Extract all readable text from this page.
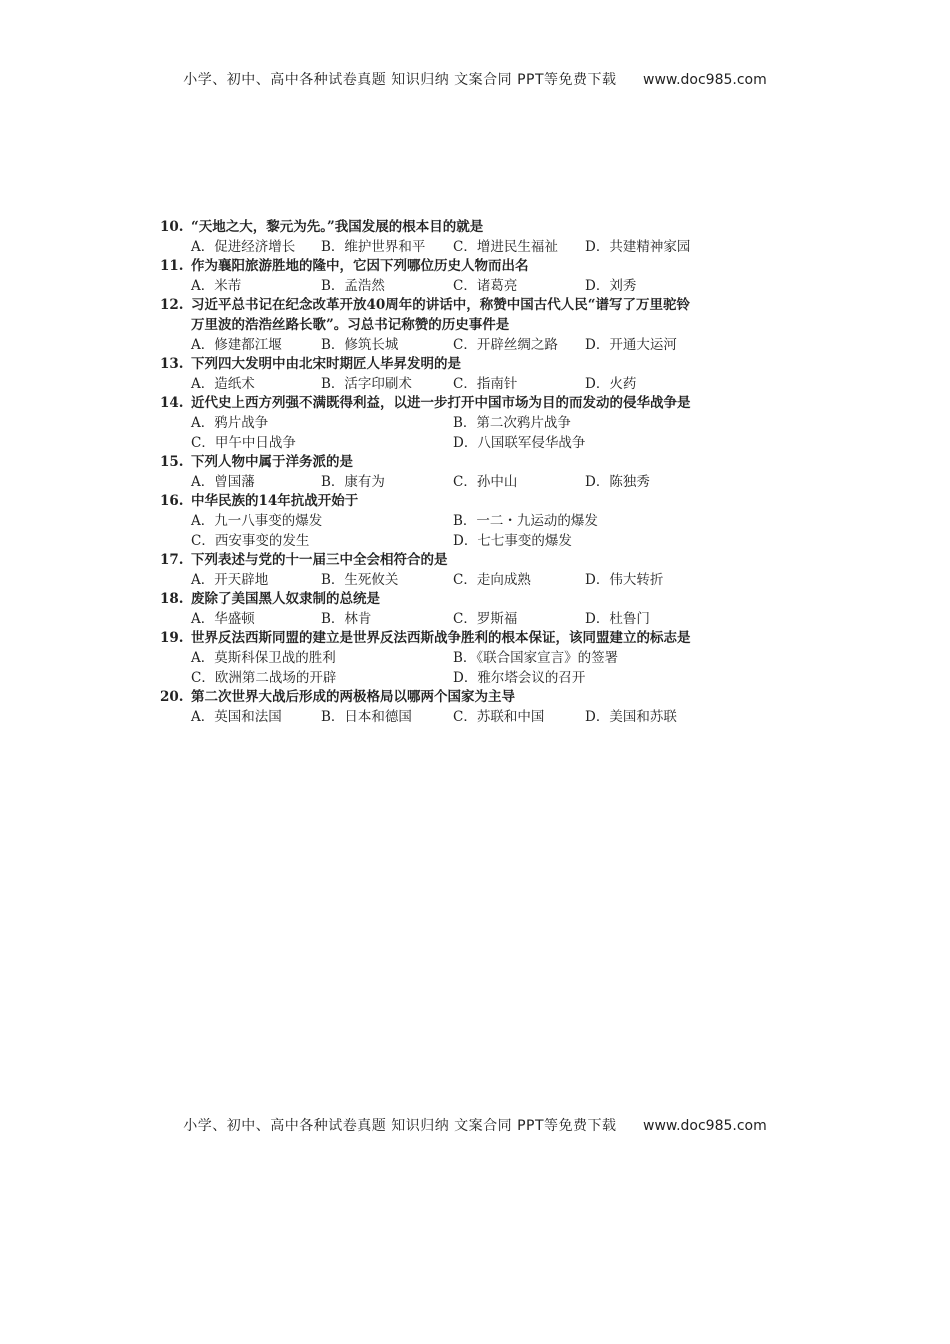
小学、初中、高中各种试卷真题 知识归纳 文案合同 PPT等免费下载 www.doc985.com
10. “天地之大，黎元为先。”我国发展的根本目的就是
A．促进经济增长 B．维护世界和平 C．增进民生福祉 D．共建精神家园
11. 作为襄阳旅游胜地的隆中，它因下列哪位历史人物而出名
A．米芾	B．孟浩然	C．诸葛亮	D．刘秀
12. 习近平总书记在纪念改革开放40周年的讲话中，称赞中国古代人民“谱写了万里驼铃
万里波的浩浩丝路长歌”。习总书记称赞的历史事件是
A．修建都江堰	B．修筑长城	C．开辟丝绸之路 D．开通大运河
13. 下列四大发明中由北宋时期匠人毕昇发明的是
A．造纸术	B．活字印刷术	C．指南针	D．火药
14. 近代史上西方列强不满既得利益，以进一步打开中国市场为目的而发动的侵华战争是
A．鸦片战争	B．第二次鸦片战争
C．甲午中日战争	D．八国联军侵华战争
15. 下列人物中属于洋务派的是
A．曾国藩	B．康有为	C．孙中山	D．陈独秀
16. 中华民族的14年抗战开始于
A．九一八事变的爆发	B．一二・九运动的爆发
C．西安事变的发生	D．七七事变的爆发
17. 下列表述与党的十一届三中全会相符合的是
A．开天辟地	B．生死攸关	C．走向成熟	D．伟大转折
18. 废除了美国黑人奴隶制的总统是
A．华盛顿	B．林肯	C．罗斯福	D．杜鲁门
19. 世界反法西斯同盟的建立是世界反法西斯战争胜利的根本保证，该同盟建立的标志是
A．莫斯科保卫战的胜利	B．《联合国家宣言》的签署
C．欧洲第二战场的开辟	D．雅尔塔会议的召开
20. 第二次世界大战后形成的两极格局以哪两个国家为主导
A．英国和法国	B．日本和德国	C．苏联和中国	D．美国和苏联
小学、初中、高中各种试卷真题 知识归纳 文案合同 PPT等免费下载 www.doc985.com
